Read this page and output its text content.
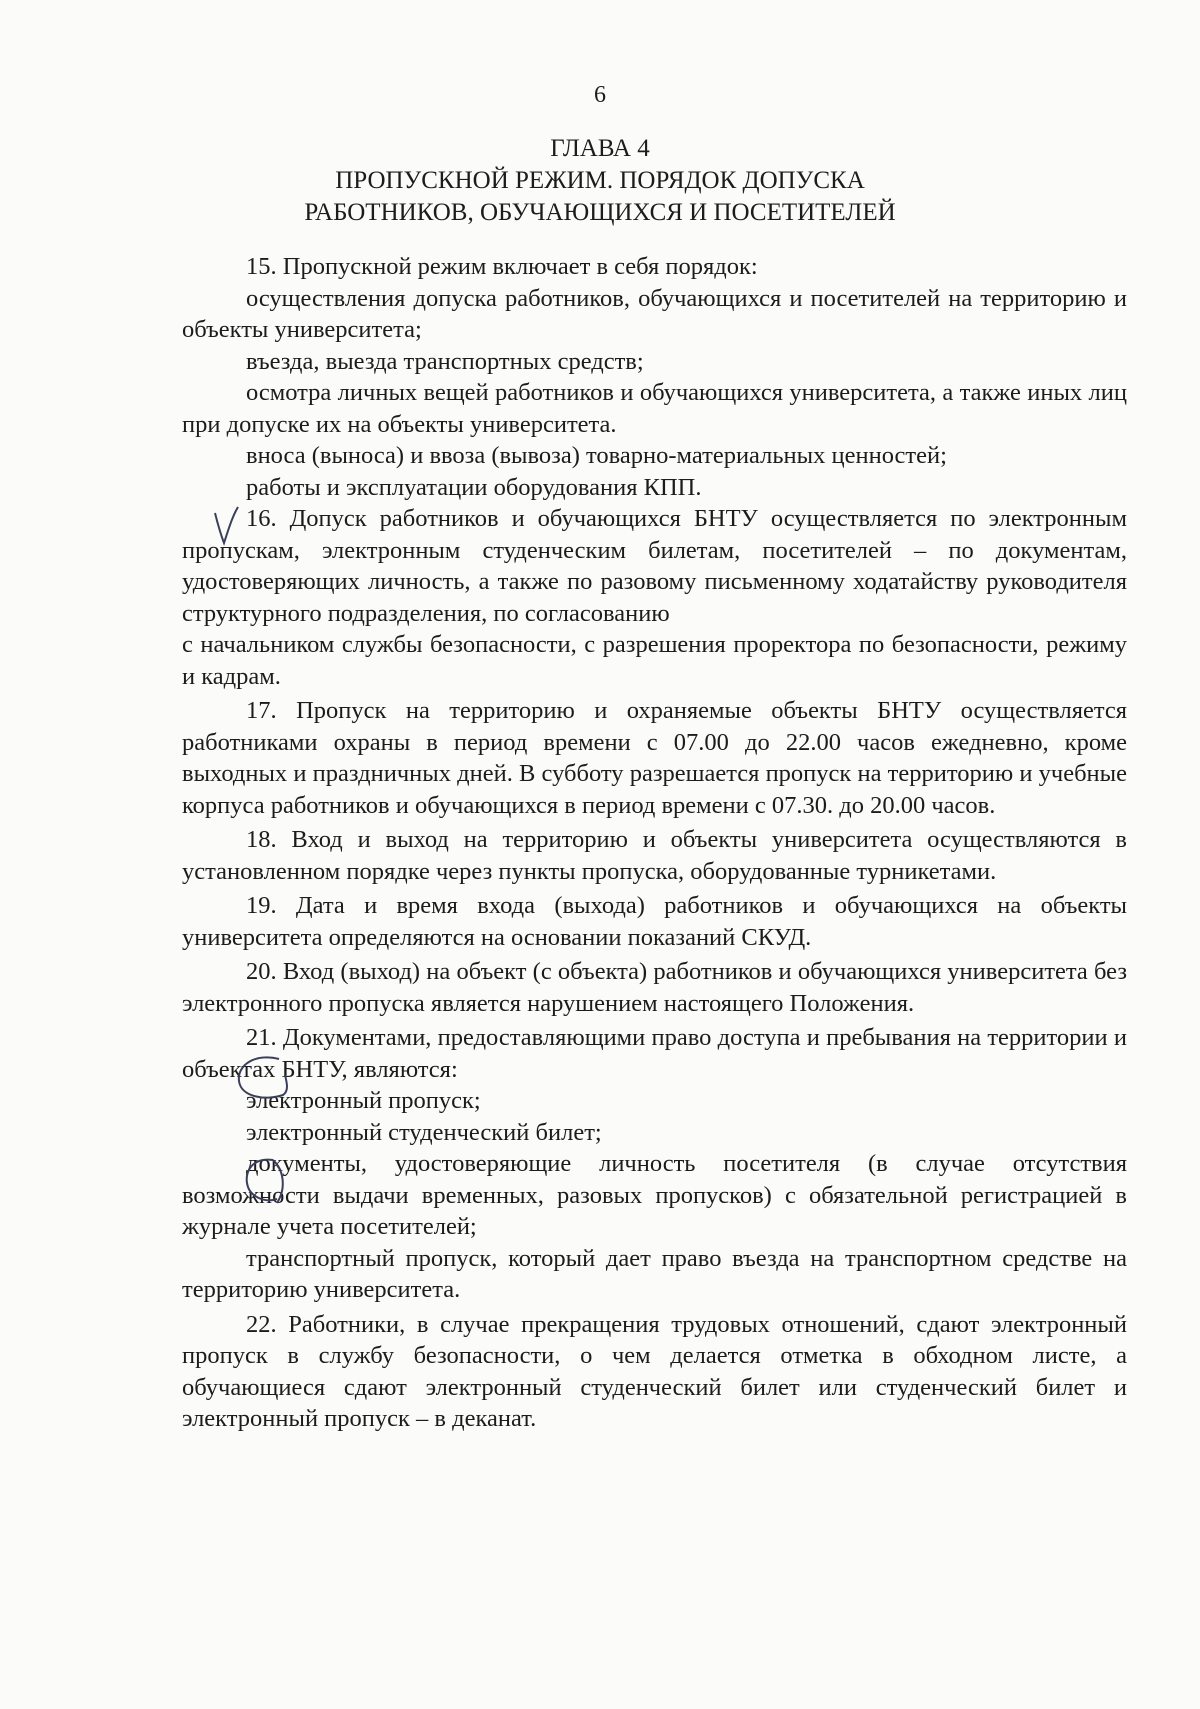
6
ГЛАВА 4
ПРОПУСКНОЙ РЕЖИМ. ПОРЯДОК ДОПУСКА
РАБОТНИКОВ, ОБУЧАЮЩИХСЯ И ПОСЕТИТЕЛЕЙ

15. Пропускной режим включает в себя порядок:

осуществления допуска работников, обучающихся и посетителей на территорию и объекты университета;

въезда, выезда транспортных средств;

осмотра личных вещей работников и обучающихся университета, а также иных лиц при допуске их на объекты университета.

вноса (выноса) и ввоза (вывоза) товарно-материальных ценностей;

работы и эксплуатации оборудования КПП.

16. Допуск работников и обучающихся БНТУ осуществляется по электронным пропускам, электронным студенческим билетам, посетителей – по документам, удостоверяющих личность, а также по разовому письменному ходатайству руководителя структурного подразделения, по согласованию

с начальником службы безопасности, с разрешения проректора по безопасности, режиму и кадрам.

17. Пропуск на территорию и охраняемые объекты БНТУ осуществляется работниками охраны в период времени с 07.00 до 22.00 часов ежедневно, кроме выходных и праздничных дней. В субботу разрешается пропуск на территорию и учебные корпуса работников и обучающихся в период времени с 07.30. до 20.00 часов.

18. Вход и выход на территорию и объекты университета осуществляются в установленном порядке через пункты пропуска, оборудованные турникетами.

19. Дата и время входа (выхода) работников и обучающихся на объекты университета определяются на основании показаний СКУД.

20. Вход (выход) на объект (с объекта) работников и обучающихся университета без электронного пропуска является нарушением настоящего Положения.

21. Документами, предоставляющими право доступа и пребывания на территории и объектах БНТУ, являются:

электронный пропуск;

электронный студенческий билет;

документы, удостоверяющие личность посетителя (в случае отсутствия возможности выдачи временных, разовых пропусков) с обязательной регистрацией в журнале учета посетителей;

транспортный пропуск, который дает право въезда на транспортном средстве на территорию университета.

22. Работники, в случае прекращения трудовых отношений, сдают электронный пропуск в службу безопасности, о чем делается отметка в обходном листе, а обучающиеся сдают электронный студенческий билет или студенческий билет и электронный пропуск – в деканат.
